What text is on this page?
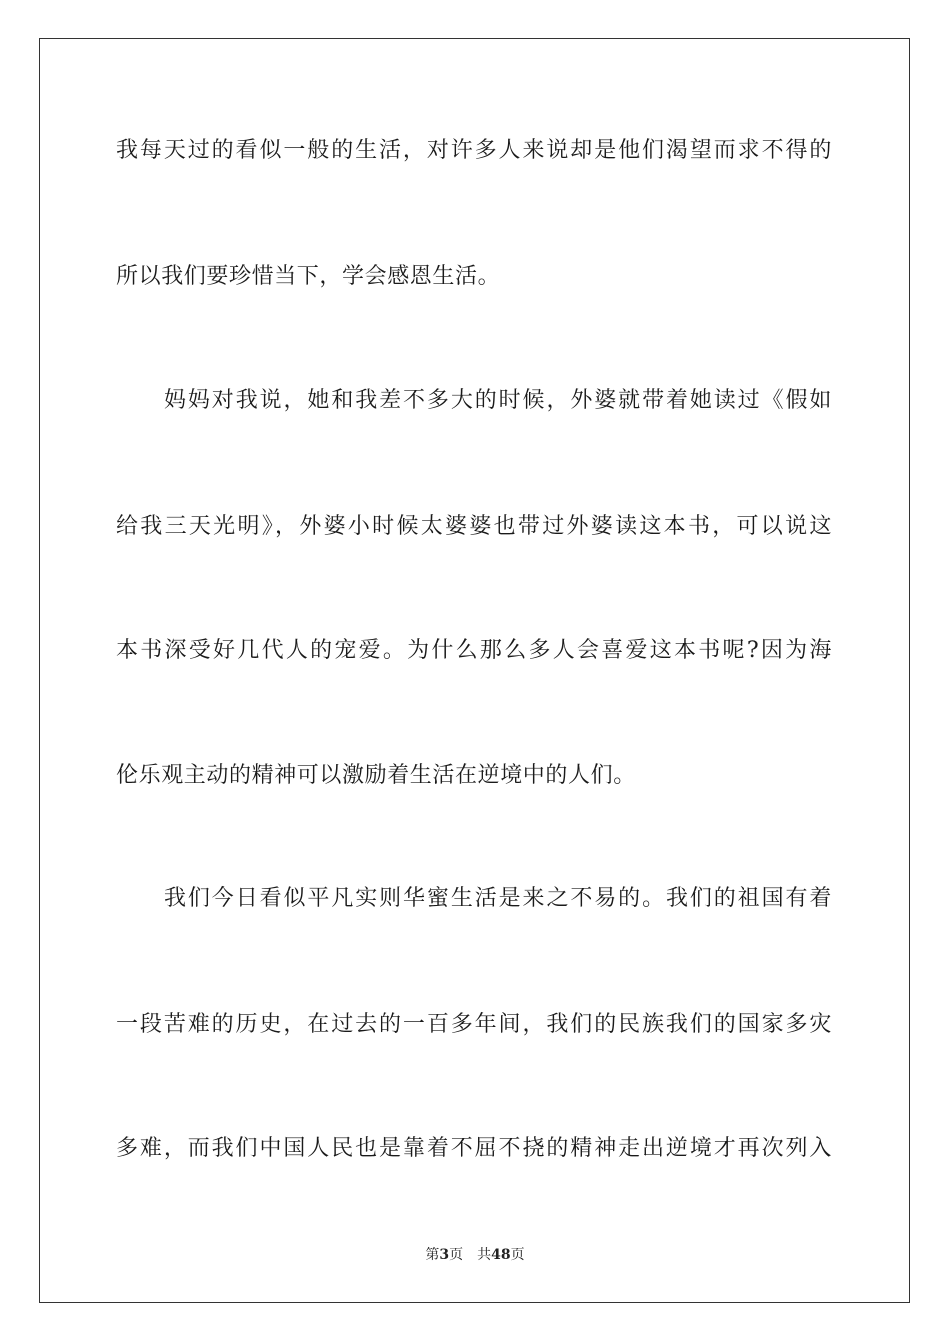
我每天过的看似一般的生活，对许多人来说却是他们渴望而求不得的
所以我们要珍惜当下，学会感恩生活。
妈妈对我说，她和我差不多大的时候，外婆就带着她读过《假如
给我三天光明》，外婆小时候太婆婆也带过外婆读这本书，可以说这
本书深受好几代人的宠爱。为什么那么多人会喜爱这本书呢?因为海
伦乐观主动的精神可以激励着生活在逆境中的人们。
我们今日看似平凡实则华蜜生活是来之不易的。我们的祖国有着
一段苦难的历史，在过去的一百多年间，我们的民族我们的国家多灾
多难，而我们中国人民也是靠着不屈不挠的精神走出逆境才再次列入
第3页 共48页
